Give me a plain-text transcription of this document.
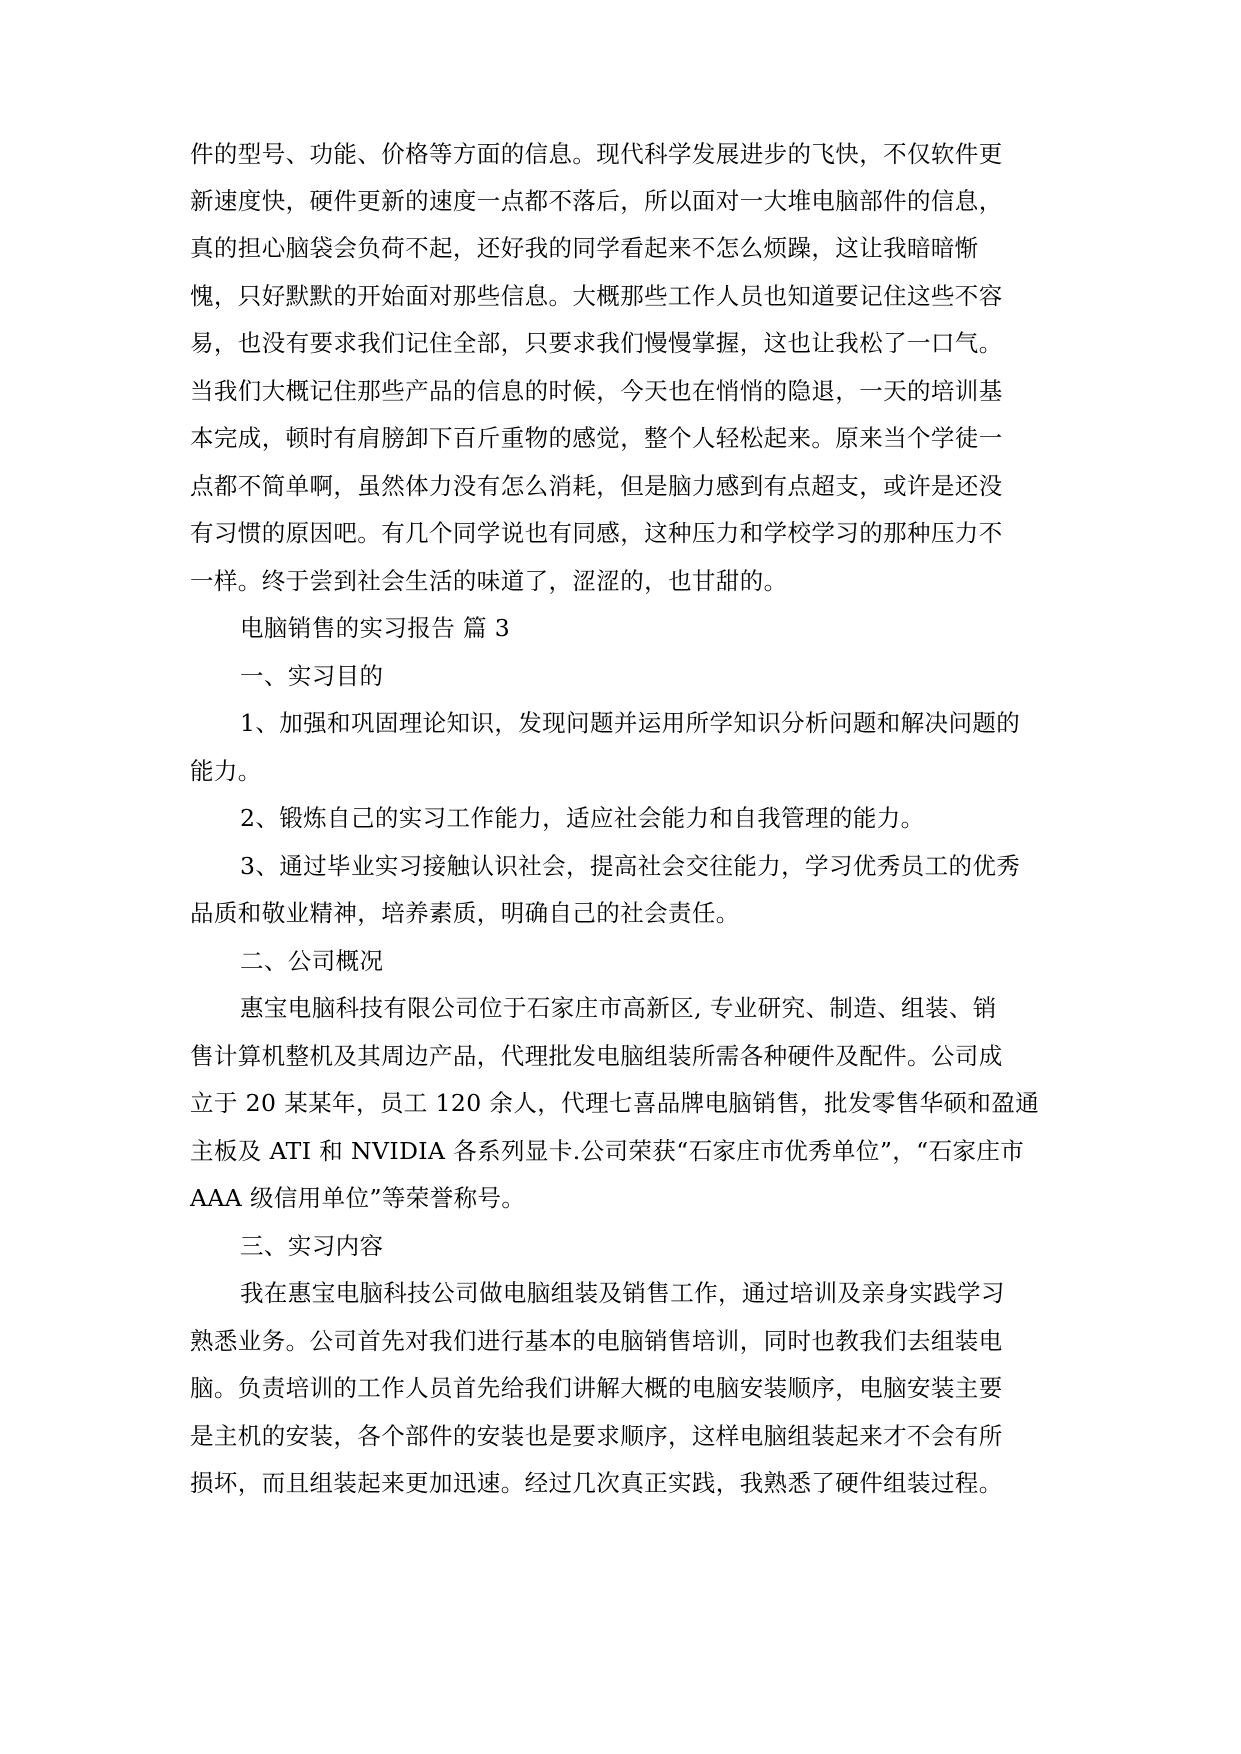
件的型号、功能、价格等方面的信息。现代科学发展进步的飞快，不仅软件更
新速度快，硬件更新的速度一点都不落后，所以面对一大堆电脑部件的信息，
真的担心脑袋会负荷不起，还好我的同学看起来不怎么烦躁，这让我暗暗惭
愧，只好默默的开始面对那些信息。大概那些工作人员也知道要记住这些不容
易，也没有要求我们记住全部，只要求我们慢慢掌握，这也让我松了一口气。
当我们大概记住那些产品的信息的时候，今天也在悄悄的隐退，一天的培训基
本完成，顿时有肩膀卸下百斤重物的感觉，整个人轻松起来。原来当个学徒一
点都不简单啊，虽然体力没有怎么消耗，但是脑力感到有点超支，或许是还没
有习惯的原因吧。有几个同学说也有同感，这种压力和学校学习的那种压力不
一样。终于尝到社会生活的味道了，涩涩的，也甘甜的。
电脑销售的实习报告 篇 3
一、实习目的
1、加强和巩固理论知识，发现问题并运用所学知识分析问题和解决问题的
能力。
2、锻炼自己的实习工作能力，适应社会能力和自我管理的能力。
3、通过毕业实习接触认识社会，提高社会交往能力，学习优秀员工的优秀
品质和敬业精神，培养素质，明确自己的社会责任。
二、公司概况
惠宝电脑科技有限公司位于石家庄市高新区, 专业研究、制造、组装、销
售计算机整机及其周边产品，代理批发电脑组装所需各种硬件及配件。公司成
立于 20 某某年，员工 120 余人，代理七喜品牌电脑销售，批发零售华硕和盈通
主板及 ATI 和 NVIDIA 各系列显卡.公司荣获“石家庄市优秀单位”，“石家庄市
AAA 级信用单位”等荣誉称号。
三、实习内容
我在惠宝电脑科技公司做电脑组装及销售工作，通过培训及亲身实践学习
熟悉业务。公司首先对我们进行基本的电脑销售培训，同时也教我们去组装电
脑。负责培训的工作人员首先给我们讲解大概的电脑安装顺序，电脑安装主要
是主机的安装，各个部件的安装也是要求顺序，这样电脑组装起来才不会有所
损坏，而且组装起来更加迅速。经过几次真正实践，我熟悉了硬件组装过程。
